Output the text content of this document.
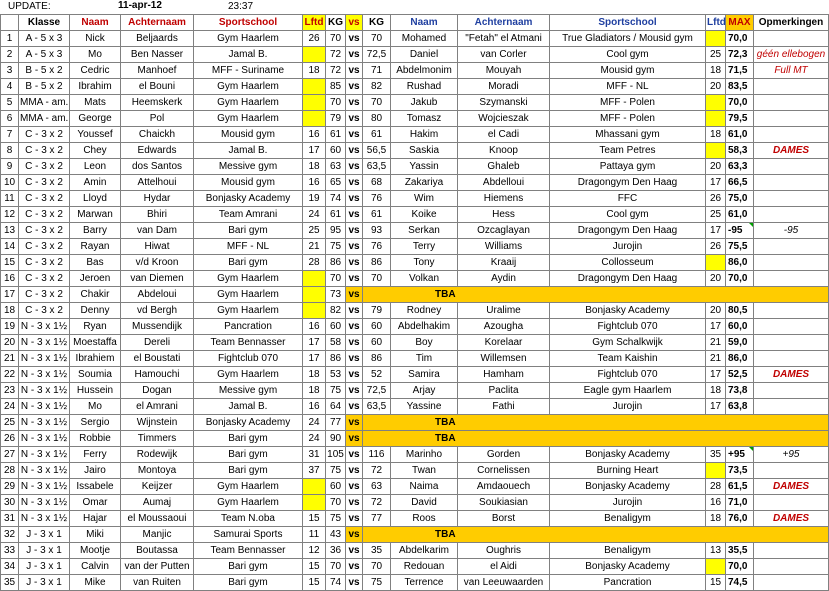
UPDATE:	11-apr-12	23:37
	Klasse	Naam	Achternaam	Sportschool	Lftd	KG	vs	KG	Naam	Achternaam	Sportschool	Lftd	MAX	Opmerkingen	
1	A - 5 x 3	Nick	Beljaards	Gym Haarlem	26	70	vs	70	Mohamed	"Fetah" el Atmani	True Gladiators / Mousid gym		70,0		
2	A - 5 x 3	Mo	Ben Nasser	Jamal B.		72	vs	72,5	Daniel	van Corler	Cool gym	25	72,3	géén ellebogen	
3	B - 5 x 2	Cedric	Manhoef	MFF - Suriname	18	72	vs	71	Abdelmonim	Mouyah	Mousid gym	18	71,5	Full MT	
4	B - 5 x 2	Ibrahim	el Bouni	Gym Haarlem		85	vs	82	Rushad	Moradi	MFF - NL	20	83,5		
5	MMA - am.	Mats	Heemskerk	Gym Haarlem		70	vs	70	Jakub	Szymanski	MFF - Polen		70,0		
6	MMA - am.	George	Pol	Gym Haarlem		79	vs	80	Tomasz	Wojcieszak	MFF - Polen		79,5		
7	C - 3 x 2	Youssef	Chaickh	Mousid gym	16	61	vs	61	Hakim	el Cadi	Mhassani gym	18	61,0		
8	C - 3 x 2	Chey	Edwards	Jamal B.	17	60	vs	56,5	Saskia	Knoop	Team Petres		58,3	DAMES	
9	C - 3 x 2	Leon	dos Santos	Messive gym	18	63	vs	63,5	Yassin	Ghaleb	Pattaya gym	20	63,3		
10	C - 3 x 2	Amin	Attelhoui	Mousid gym	16	65	vs	68	Zakariya	Abdelloui	Dragongym Den Haag	17	66,5		
11	C - 3 x 2	Lloyd	Hydar	Bonjasky Academy	19	74	vs	76	Wim	Hiemens	FFC	26	75,0		
12	C - 3 x 2	Marwan	Bhiri	Team Amrani	24	61	vs	61	Koike	Hess	Cool gym	25	61,0		
13	C - 3 x 2	Barry	van Dam	Bari gym	25	95	vs	93	Serkan	Ozcaglayan	Dragongym Den Haag	17	-95	-95	
14	C - 3 x 2	Rayan	Hiwat	MFF - NL	21	75	vs	76	Terry	Williams	Jurojin	26	75,5		
15	C - 3 x 2	Bas	v/d Kroon	Bari gym	28	86	vs	86	Tony	Kraaij	Collosseum		86,0		
16	C - 3 x 2	Jeroen	van Diemen	Gym Haarlem		70	vs	70	Volkan	Aydin	Dragongym Den Haag	20	70,0		
17	C - 3 x 2	Chakir	Abdeloui	Gym Haarlem		73	vs	TBA							
18	C - 3 x 2	Denny	vd Bergh	Gym Haarlem		82	vs	79	Rodney	Uralime	Bonjasky Academy	20	80,5		
19	N - 3 x 1½	Ryan	Mussendijk	Pancration	16	60	vs	60	Abdelhakim	Azougha	Fightclub 070	17	60,0		
20	N - 3 x 1½	Moestaffa	Dereli	Team Bennasser	17	58	vs	60	Boy	Korelaar	Gym Schalkwijk	21	59,0		
21	N - 3 x 1½	Ibrahiem	el Boustati	Fightclub 070	17	86	vs	86	Tim	Willemsen	Team Kaishin	21	86,0		
22	N - 3 x 1½	Soumia	Hamouchi	Gym Haarlem	18	53	vs	52	Samira	Hamham	Fightclub 070	17	52,5	DAMES	
23	N - 3 x 1½	Hussein	Dogan	Messive gym	18	75	vs	72,5	Arjay	Paclita	Eagle gym Haarlem	18	73,8		
24	N - 3 x 1½	Mo	el Amrani	Jamal B.	16	64	vs	63,5	Yassine	Fathi	Jurojin	17	63,8		
25	N - 3 x 1½	Sergio	Wijnstein	Bonjasky Academy	24	77	vs	TBA							
26	N - 3 x 1½	Robbie	Timmers	Bari gym	24	90	vs	TBA							
27	N - 3 x 1½	Ferry	Rodewijk	Bari gym	31	105	vs	116	Marinho	Gorden	Bonjasky Academy	35	+95	+95	
28	N - 3 x 1½	Jairo	Montoya	Bari gym	37	75	vs	72	Twan	Cornelissen	Burning Heart		73,5		
29	N - 3 x 1½	Issabele	Keijzer	Gym Haarlem		60	vs	63	Naima	Amdaouech	Bonjasky Academy	28	61,5	DAMES	
30	N - 3 x 1½	Omar	Aumaj	Gym Haarlem		70	vs	72	David	Soukiasian	Jurojin	16	71,0		
31	N - 3 x 1½	Hajar	el Moussaoui	Team N.oba	15	75	vs	77	Roos	Borst	Benaligym	18	76,0	DAMES	
32	J - 3 x 1	Miki	Manjic	Samurai Sports	11	43	vs	TBA							
33	J - 3 x 1	Mootje	Boutassa	Team Bennasser	12	36	vs	35	Abdelkarim	Oughris	Benaligym	13	35,5		
34	J - 3 x 1	Calvin	van der Putten	Bari gym	15	70	vs	70	Redouan	el Aidi	Bonjasky Academy		70,0		
35	J - 3 x 1	Mike	van Ruiten	Bari gym	15	74	vs	75	Terrence	van Leeuwaarden	Pancration	15	74,5		
